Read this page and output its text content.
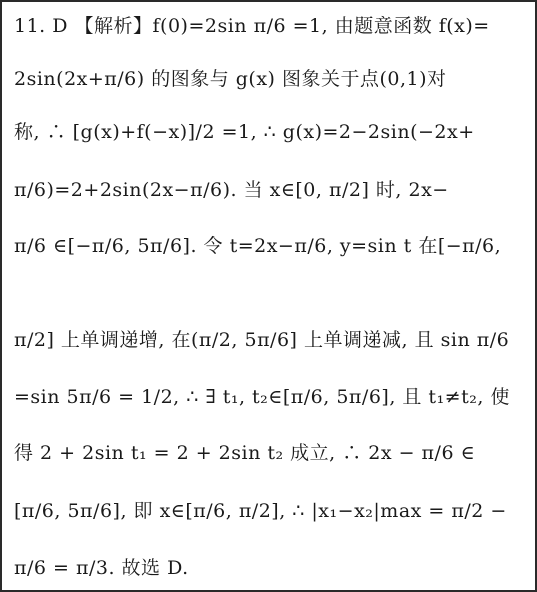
11. D 【解析】f(0)=2sin π/6 =1, 由题意函数 f(x)=
2sin(2x+π/6) 的图象与 g(x) 图象关于点(0,1)对
称, ∴ [g(x)+f(−x)]/2 =1, ∴ g(x)=2−2sin(−2x+
π/6)=2+2sin(2x−π/6). 当 x∈[0, π/2] 时, 2x−
π/6 ∈[−π/6, 5π/6]. 令 t=2x−π/6, y=sin t 在[−π/6,
π/2] 上单调递增, 在(π/2, 5π/6] 上单调递减, 且 sin π/6
=sin 5π/6 = 1/2, ∴ ∃ t₁, t₂∈[π/6, 5π/6], 且 t₁≠t₂, 使
得 2 + 2sin t₁ = 2 + 2sin t₂ 成立, ∴ 2x − π/6 ∈
[π/6, 5π/6], 即 x∈[π/6, π/2], ∴ |x₁−x₂|max = π/2 −
π/6 = π/3. 故选 D.
